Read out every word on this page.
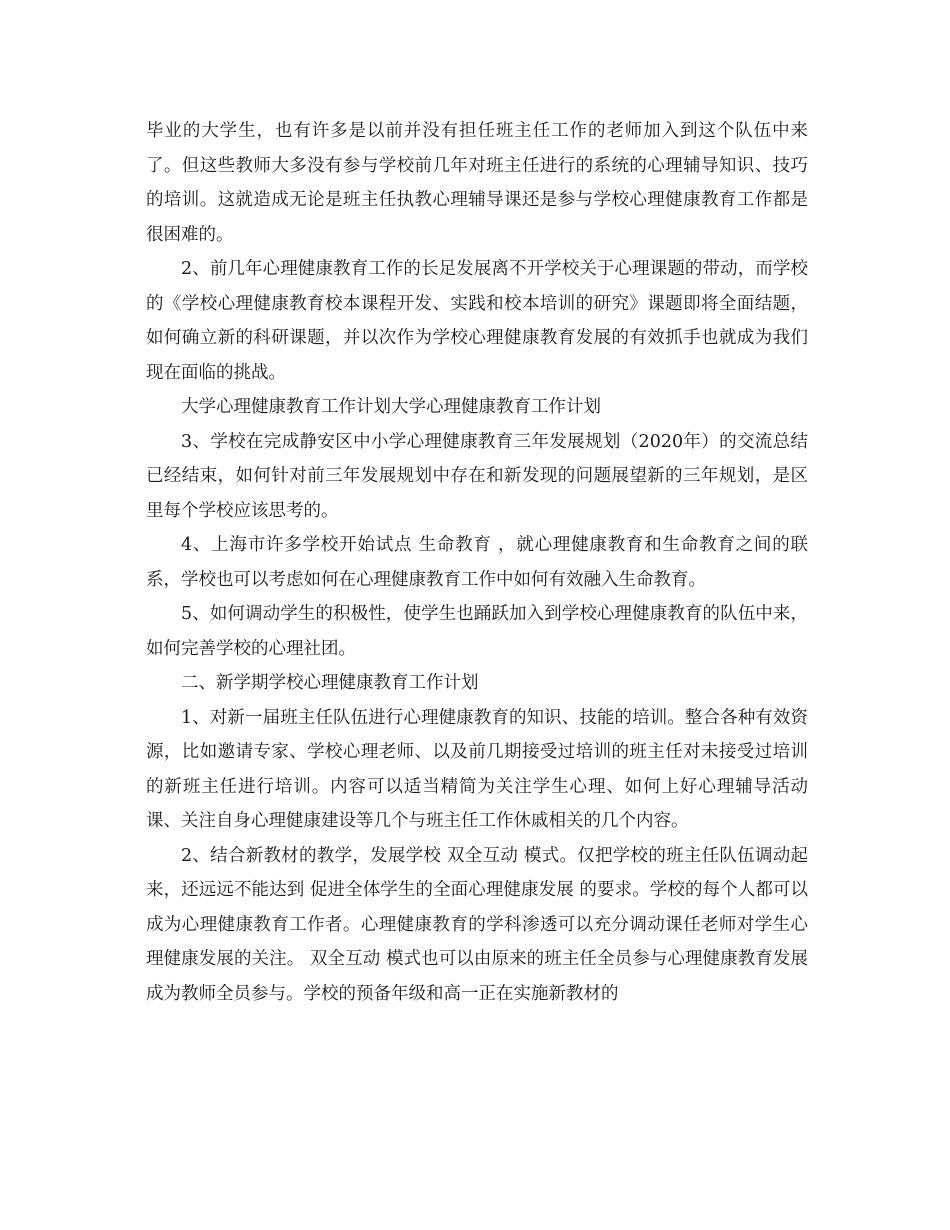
毕业的大学生，也有许多是以前并没有担任班主任工作的老师加入到这个队伍中来了。但这些教师大多没有参与学校前几年对班主任进行的系统的心理辅导知识、技巧的培训。这就造成无论是班主任执教心理辅导课还是参与学校心理健康教育工作都是很困难的。

2、前几年心理健康教育工作的长足发展离不开学校关于心理课题的带动，而学校的《学校心理健康教育校本课程开发、实践和校本培训的研究》课题即将全面结题，如何确立新的科研课题，并以次作为学校心理健康教育发展的有效抓手也就成为我们现在面临的挑战。

大学心理健康教育工作计划大学心理健康教育工作计划

3、学校在完成静安区中小学心理健康教育三年发展规划（2020年）的交流总结已经结束，如何针对前三年发展规划中存在和新发现的问题展望新的三年规划，是区里每个学校应该思考的。

4、上海市许多学校开始试点 生命教育 ，就心理健康教育和生命教育之间的联系，学校也可以考虑如何在心理健康教育工作中如何有效融入生命教育。

5、如何调动学生的积极性，使学生也踊跃加入到学校心理健康教育的队伍中来，如何完善学校的心理社团。

二、新学期学校心理健康教育工作计划

1、对新一届班主任队伍进行心理健康教育的知识、技能的培训。整合各种有效资源，比如邀请专家、学校心理老师、以及前几期接受过培训的班主任对未接受过培训的新班主任进行培训。内容可以适当精简为关注学生心理、如何上好心理辅导活动课、关注自身心理健康建设等几个与班主任工作休戚相关的几个内容。

2、结合新教材的教学，发展学校 双全互动 模式。仅把学校的班主任队伍调动起来，还远远不能达到 促进全体学生的全面心理健康发展 的要求。学校的每个人都可以成为心理健康教育工作者。心理健康教育的学科渗透可以充分调动课任老师对学生心理健康发展的关注。 双全互动 模式也可以由原来的班主任全员参与心理健康教育发展成为教师全员参与。学校的预备年级和高一正在实施新教材的
